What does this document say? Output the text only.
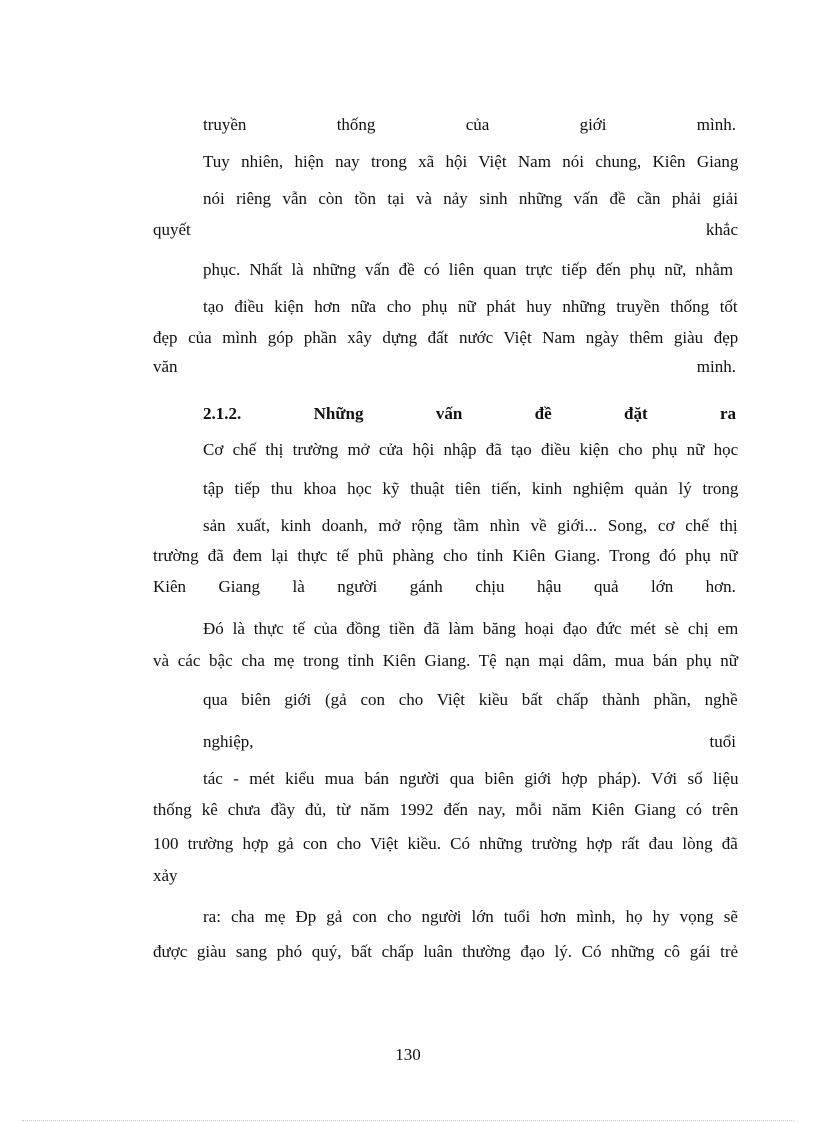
truyền	thống	của	giới	mình.
Tuy nhiên, hiện nay trong xã hội Việt Nam nói chung, Kiên Giang
nói riêng vẫn còn tồn tại và nảy sinh những vấn đề cần phải giải
quyết	khắc
phục. Nhất là những vấn đề có liên quan trực tiếp đến phụ nữ, nhằm
tạo điều kiện hơn nữa cho phụ nữ phát huy những truyền thống tốt
đẹp của mình góp phần xây dựng đất nước Việt Nam ngày thêm giàu đẹp
văn	minh.
2.1.2.	Những	vấn	đề	đặt	ra
Cơ chế thị trường mở cửa hội nhập đã tạo điều kiện cho phụ nữ học
tập tiếp thu khoa học kỹ thuật tiên tiến, kinh nghiệm quản lý trong
sản xuất, kinh doanh, mở rộng tầm nhìn về giới... Song, cơ chế thị
trường đã đem lại thực tế phũ phàng cho tỉnh Kiên Giang. Trong đó phụ nữ
Kiên Giang là người gánh chịu hậu quả lớn hơn.
Đó là thực tế của đồng tiền đã làm băng hoại đạo đức mét sè chị em
và các bậc cha mẹ trong tỉnh Kiên Giang. Tệ nạn mại dâm, mua bán phụ nữ
qua biên giới (gả con cho Việt kiều bất chấp thành phần, nghề
nghiệp,	tuổi
tác - mét kiểu mua bán người qua biên giới hợp pháp). Với số liệu
thống kê chưa đầy đủ, từ năm 1992 đến nay, mỗi năm Kiên Giang có trên
100 trường hợp gả con cho Việt kiều. Có những trường hợp rất đau lòng đã
xảy
ra: cha mẹ Đp gả con cho người lớn tuổi hơn mình, họ hy vọng sẽ
được giàu sang phó quý, bất chấp luân thường đạo lý. Có những cô gái trẻ
130
